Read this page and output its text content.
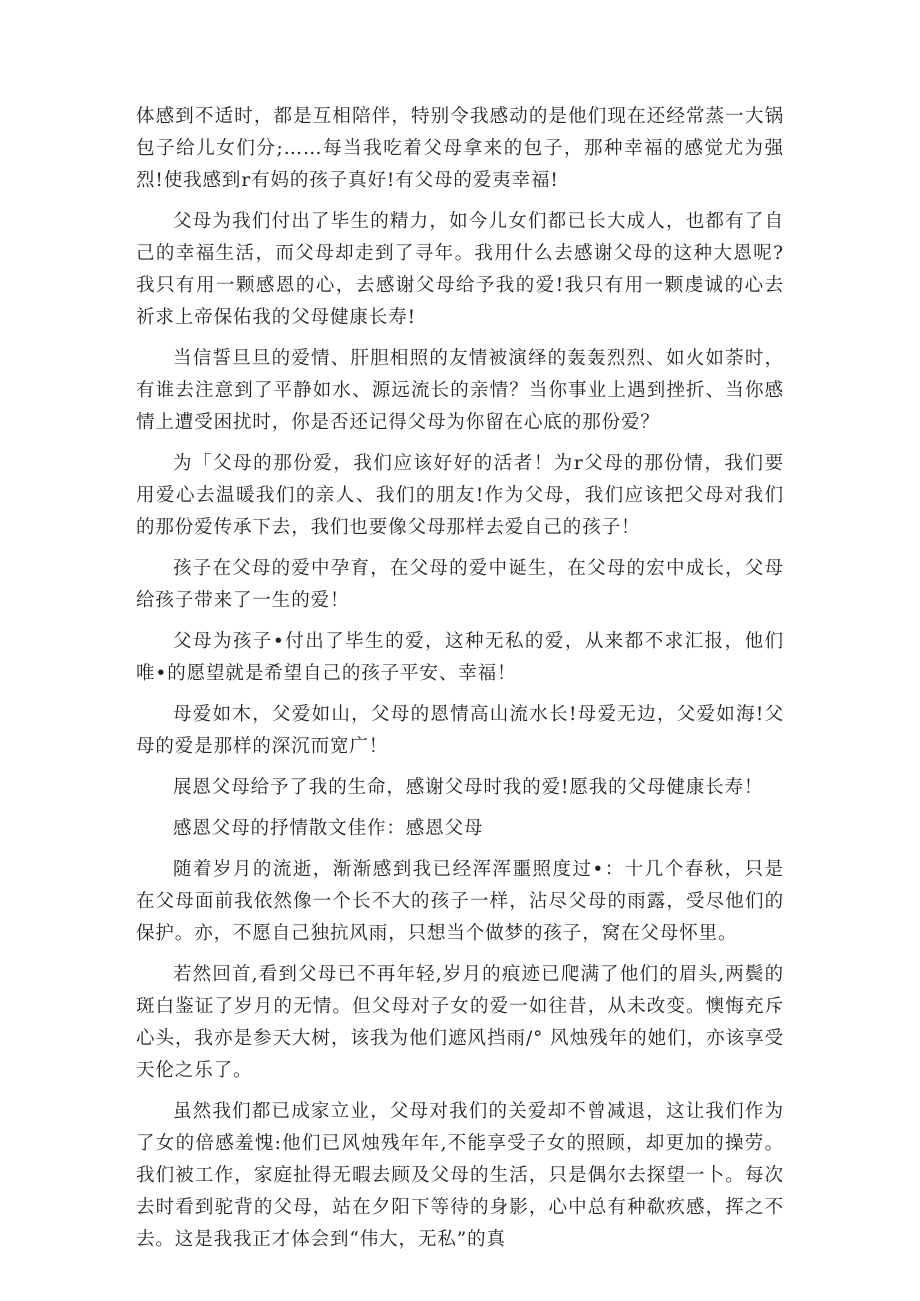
体感到不适时，都是互相陪伴，特别令我感动的是他们现在还经常蒸一大锅包子给儿女们分;……每当我吃着父母拿来的包子，那种幸福的感觉尤为强烈!使我感到r有妈的孩子真好!有父母的爱夷幸福!

父母为我们付出了毕生的精力，如今儿女们都已长大成人，也都有了自己的幸福生活，而父母却走到了寻年。我用什么去感谢父母的这种大恩呢?我只有用一颗感恩的心，去感谢父母给予我的爱!我只有用一颗虔诚的心去祈求上帝保佑我的父母健康长寿!

当信誓旦旦的爱情、肝胆相照的友情被演绎的轰轰烈烈、如火如荼时，有谁去注意到了平静如水、源远流长的亲情？当你事业上遇到挫折、当你感情上遭受困扰时，你是否还记得父母为你留在心底的那份爱？

为「父母的那份爱，我们应该好好的活者！为r父母的那份情，我们要用爱心去温暖我们的亲人、我们的朋友!作为父母，我们应该把父母对我们的那份爱传承下去，我们也要像父母那样去爱自己的孩子！

孩子在父母的爱中孕育，在父母的爱中诞生，在父母的宏中成长，父母给孩子带来了一生的爱！

父母为孩子•付出了毕生的爱，这种无私的爱，从来都不求汇报，他们唯•的愿望就是希望自己的孩子平安、幸福！

母爱如木，父爱如山，父母的恩情高山流水长!母爱无边，父爱如海!父母的爱是那样的深沉而宽广！

展恩父母给予了我的生命，感谢父母时我的爱!愿我的父母健康长寿！

感恩父母的抒情散文佳作：感恩父母

随着岁月的流逝，渐渐感到我已经浑浑噩照度过•：十几个春秋，只是在父母面前我依然像一个长不大的孩子一样，沾尽父母的雨露，受尽他们的保护。亦，不愿自己独抗风雨，只想当个做梦的孩子，窝在父母怀里。

若然回首,看到父母已不再年轻,岁月的痕迹已爬满了他们的眉头,两鬓的斑白鉴证了岁月的无情。但父母对子女的爱一如往昔，从未改变。懊悔充斥心头，我亦是参天大树，该我为他们遮风挡雨/° 风烛残年的她们，亦该享受天伦之乐了。

虽然我们都已成家立业，父母对我们的关爱却不曾减退，这让我们作为了女的倍感羞愧:他们已风烛残年年,不能享受子女的照顾，却更加的操劳。我们被工作，家庭扯得无暇去顾及父母的生活，只是偶尔去探望一卜。每次去时看到驼背的父母，站在夕阳下等待的身影，心中总有种欷疚感，挥之不去。这是我我正才体会到“伟大，无私”的真
